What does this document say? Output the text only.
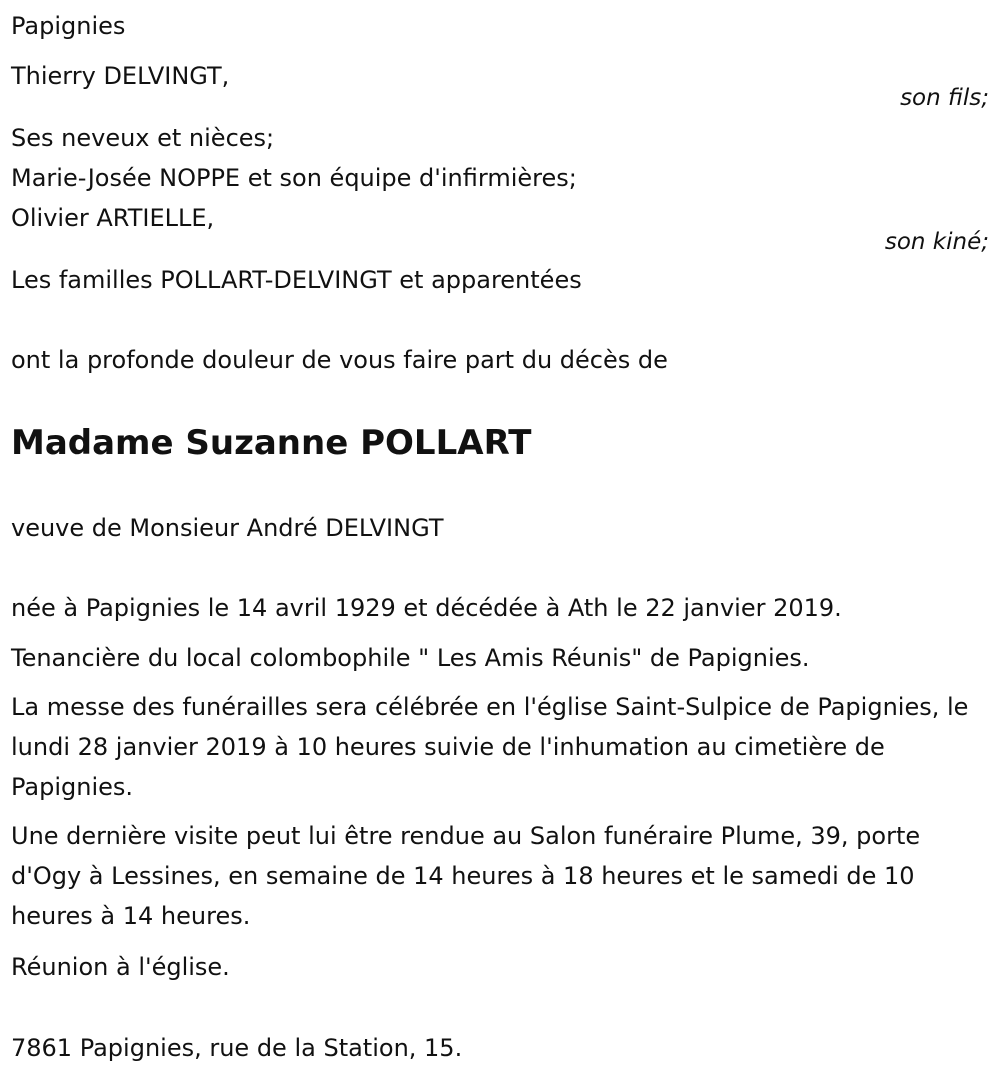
Papignies

Thierry DELVINGT,

son fils;

Ses neveux et nièces;

Marie-Josée NOPPE et son équipe d'infirmières;

Olivier ARTIELLE,

son kiné;

Les familles POLLART-DELVINGT et apparentées

ont la profonde douleur de vous faire part du décès de

Madame Suzanne POLLART

veuve de Monsieur André DELVINGT

née à Papignies le 14 avril 1929 et décédée à Ath le 22 janvier 2019.

Tenancière du local colombophile " Les Amis Réunis" de Papignies.

La messe des funérailles sera célébrée en l'église Saint-Sulpice de Papignies, le lundi 28 janvier 2019 à 10 heures suivie de l'inhumation au cimetière de Papignies.

Une dernière visite peut lui être rendue au Salon funéraire Plume, 39, porte d'Ogy à Lessines, en semaine de 14 heures à 18 heures et le samedi de 10 heures à 14 heures.

Réunion à l'église.

7861 Papignies, rue de la Station, 15.
